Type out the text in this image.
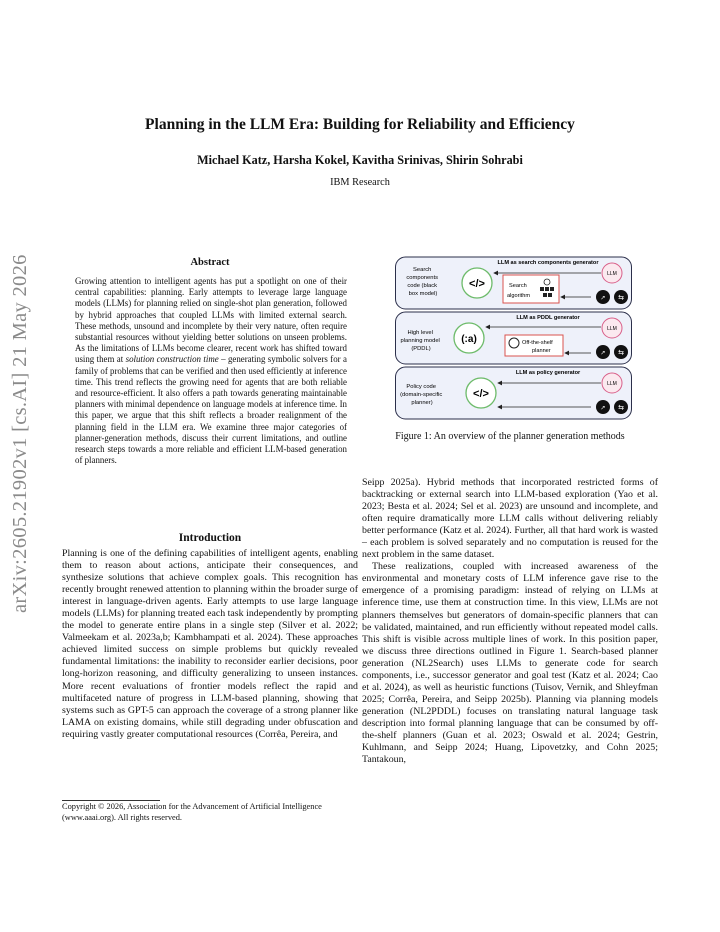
Planning in the LLM Era: Building for Reliability and Efficiency
Michael Katz, Harsha Kokel, Kavitha Srinivas, Shirin Sohrabi
IBM Research
arXiv:2605.21902v1 [cs.AI] 21 May 2026	Abstract
Growing attention to intelligent agents has put a spotlight on one of their central capabilities: planning. Early attempts to leverage large language models (LLMs) for planning relied on single-shot plan generation, followed by hybrid approaches that coupled LLMs with limited external search. These methods, unsound and incomplete by their very nature, often require substantial resources without yielding better solutions on unseen problems. As the limitations of LLMs become clearer, recent work has shifted toward using them at solution construction time – generating symbolic solvers for a family of problems that can be verified and then used efficiently at inference time. This trend reflects the growing need for agents that are both reliable and resource-efficient. It also offers a path towards generating maintainable planners with minimal dependence on language models at inference time. In this paper, we argue that this shift reflects a broader realignment of the planning field in the LLM era. We examine three major categories of planner-generation methods, discuss their current limitations, and outline research steps towards a more reliable and efficient LLM-based generation of planners.
Introduction

Planning is one of the defining capabilities of intelligent agents, enabling them to reason about actions, anticipate their consequences, and synthesize solutions that achieve complex goals. This recognition has recently brought renewed attention to planning within the broader surge of interest in language-driven agents. Early attempts to use large language models (LLMs) for planning treated each task independently by prompting the model to generate entire plans in a single step (Silver et al. 2022; Valmeekam et al. 2023a,b; Kambhampati et al. 2024). These approaches achieved limited success on simple problems but quickly revealed fundamental limitations: the inability to reconsider earlier decisions, poor long-horizon reasoning, and difficulty generalizing to unseen instances. More recent evaluations of frontier models reflect the rapid and multifaceted nature of progress in LLM-based planning, showing that systems such as GPT-5 can approach the coverage of a strong planner like LAMA on existing domains, while still degrading under obfuscation and requiring vastly greater computational resources (Corrêa, Pereira, and

Copyright © 2026, Association for the Advancement of Artificial Intelligence (www.aaai.org). All rights reserved.
LLM as search components generator
Search components code (black box model)
</>	Search algorithm
LLM
⇆
↗
LLM as PDDL generator
High level planning model (PDDL)
(:a)	Off-the-shelf planner
LLM
⇆
↗
LLM as policy generator
Policy code (domain-specific planner)
</>
LLM
⇆
↗
Figure 1: An overview of the planner generation methods

Seipp 2025a). Hybrid methods that incorporated restricted forms of backtracking or external search into LLM-based exploration (Yao et al. 2023; Besta et al. 2024; Sel et al. 2023) are unsound and incomplete, and often require dramatically more LLM calls without delivering reliably better performance (Katz et al. 2024). Further, all that hard work is wasted – each problem is solved separately and no computation is reused for the next problem in the same dataset.

These realizations, coupled with increased awareness of the environmental and monetary costs of LLM inference gave rise to the emergence of a promising paradigm: instead of relying on LLMs at inference time, use them at construction time. In this view, LLMs are not planners themselves but generators of domain-specific planners that can be validated, maintained, and run efficiently without repeated model calls. This shift is visible across multiple lines of work. In this position paper, we discuss three directions outlined in Figure 1. Search-based planner generation (NL2Search) uses LLMs to generate code for search components, i.e., successor generator and goal test (Katz et al. 2024; Cao et al. 2024), as well as heuristic functions (Tuisov, Vernik, and Shleyfman 2025; Corrêa, Pereira, and Seipp 2025b). Planning via planning models generation (NL2PDDL) focuses on translating natural language task description into formal planning language that can be consumed by off-the-shelf planners (Guan et al. 2023; Oswald et al. 2024; Gestrin, Kuhlmann, and Seipp 2024; Huang, Lipovetzky, and Cohn 2025; Tantakoun,
